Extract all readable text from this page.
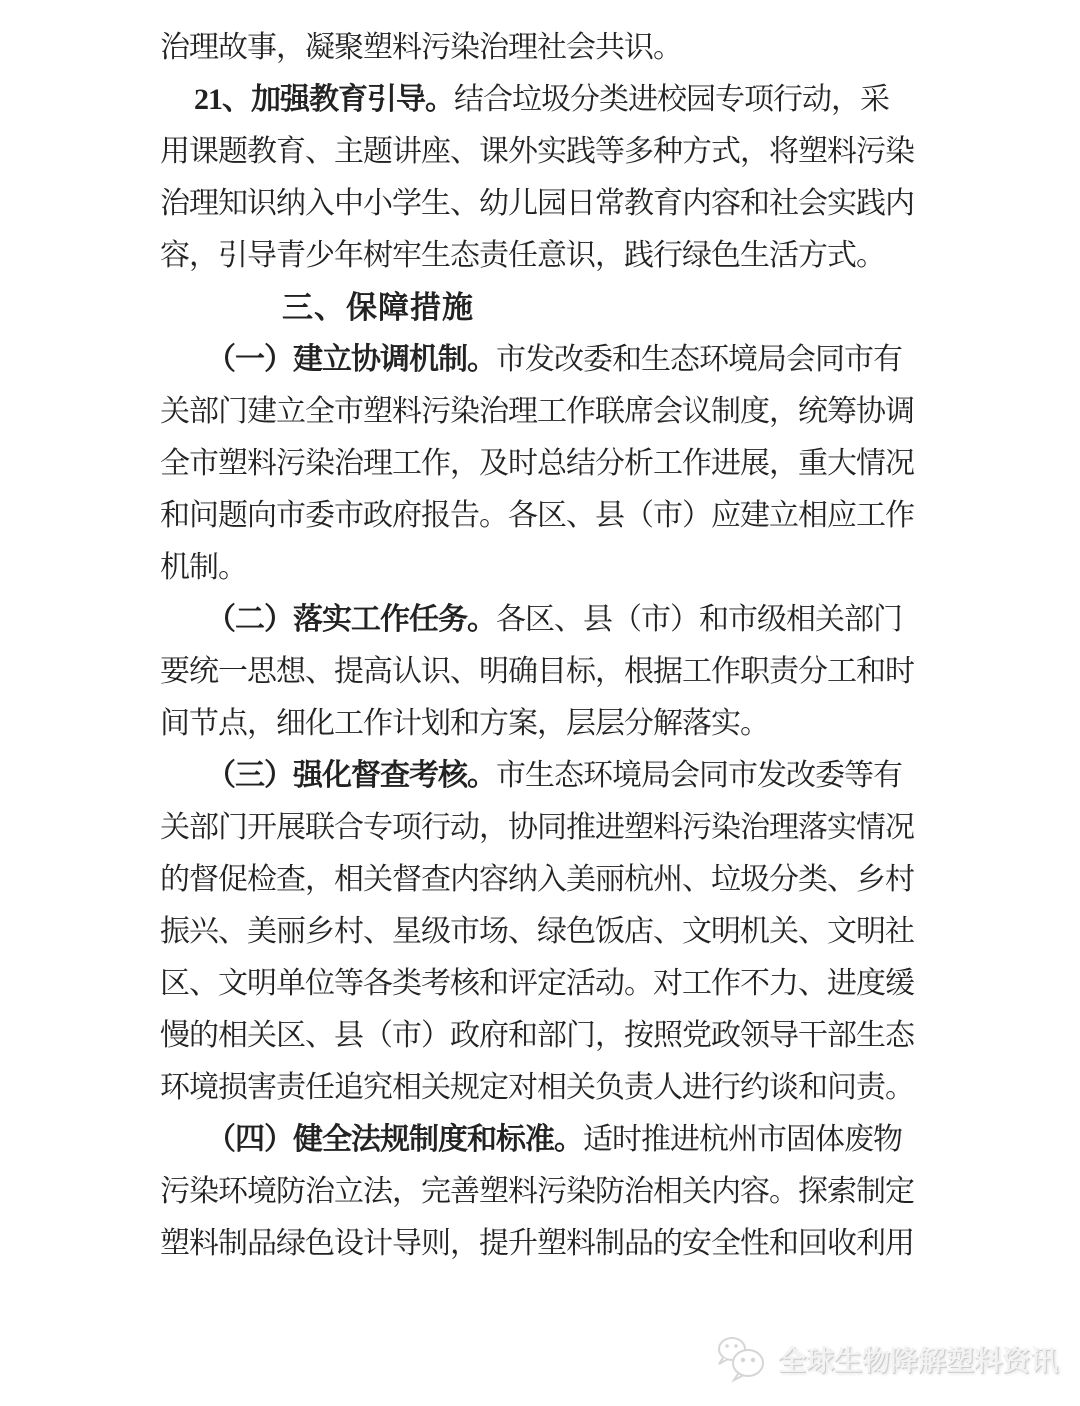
治理故事，凝聚塑料污染治理社会共识。
21、加强教育引导。结合垃圾分类进校园专项行动，采
用课题教育、主题讲座、课外实践等多种方式，将塑料污染
治理知识纳入中小学生、幼儿园日常教育内容和社会实践内
容，引导青少年树牢生态责任意识，践行绿色生活方式。
三、保障措施
（一）建立协调机制。市发改委和生态环境局会同市有
关部门建立全市塑料污染治理工作联席会议制度，统筹协调
全市塑料污染治理工作，及时总结分析工作进展，重大情况
和问题向市委市政府报告。各区、县（市）应建立相应工作
机制。
（二）落实工作任务。各区、县（市）和市级相关部门
要统一思想、提高认识、明确目标，根据工作职责分工和时
间节点，细化工作计划和方案，层层分解落实。
（三）强化督查考核。市生态环境局会同市发改委等有
关部门开展联合专项行动，协同推进塑料污染治理落实情况
的督促检查，相关督查内容纳入美丽杭州、垃圾分类、乡村
振兴、美丽乡村、星级市场、绿色饭店、文明机关、文明社
区、文明单位等各类考核和评定活动。对工作不力、进度缓
慢的相关区、县（市）政府和部门，按照党政领导干部生态
环境损害责任追究相关规定对相关负责人进行约谈和问责。
（四）健全法规制度和标准。适时推进杭州市固体废物
污染环境防治立法，完善塑料污染防治相关内容。探索制定
塑料制品绿色设计导则，提升塑料制品的安全性和回收利用
全球生物降解塑料资讯
